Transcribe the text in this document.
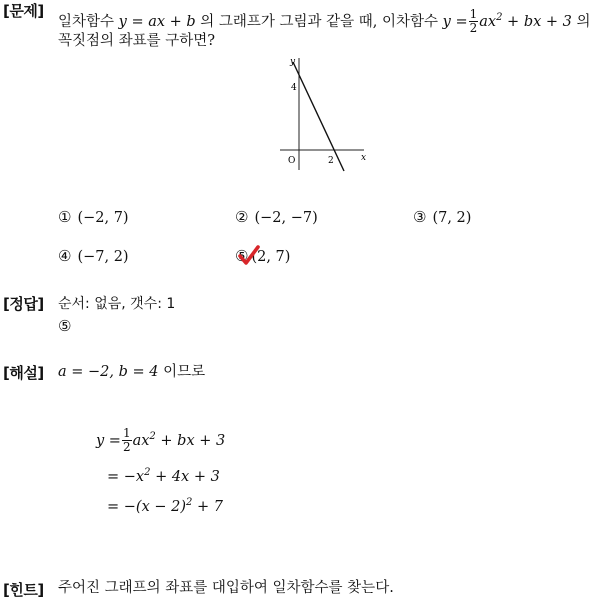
[문제]
일차함수 y = ax + b 의 그래프가 그림과 같을 때, 이차함수 $y = \frac{1}{2} ax^2$ + bx + 3 의
꼭짓점의 좌표를 구하면?
y
x
O
4
2
① (−2, 7)	② (−2, −7)	③ (7, 2)
④ (−7, 2)	⑤ (2, 7)
[정답] 순서: 없음, 갯수: 1
⑤
[해설] a = −2, b = 4 이므로
$y = \frac{1}{2} ax^2$ + bx + 3
= $-x^2 + 4x + 3$
= $-(x - 2)^2 + 7$
[힌트] 주어진 그래프의 좌표를 대입하여 일차함수를 찾는다.
